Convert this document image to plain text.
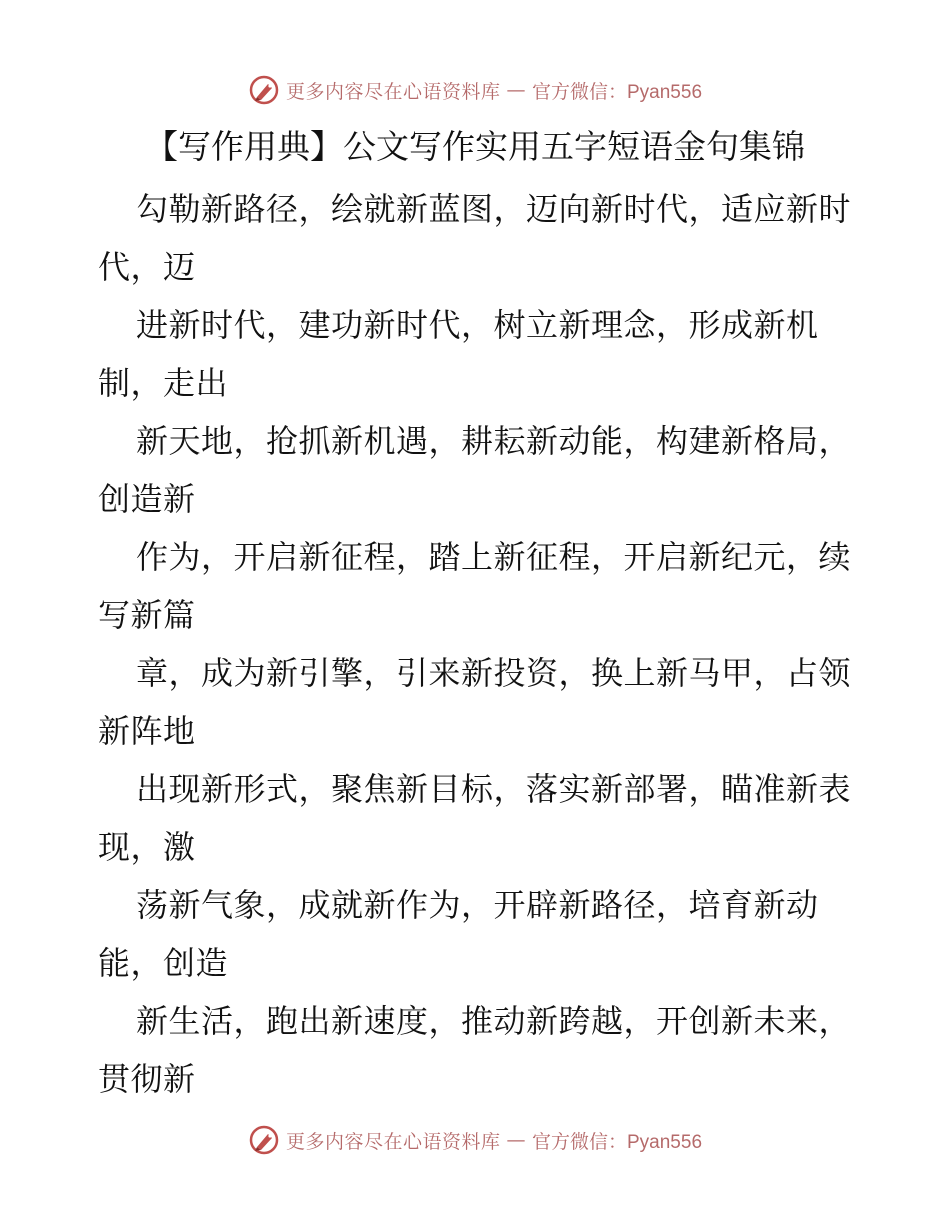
更多内容尽在心语资料库 — 官方微信：Pyan556
【写作用典】公文写作实用五字短语金句集锦

勾勒新路径，绘就新蓝图，迈向新时代，适应新时代，迈

进新时代，建功新时代，树立新理念，形成新机制，走出

新天地，抢抓新机遇，耕耘新动能，构建新格局，创造新

作为，开启新征程，踏上新征程，开启新纪元，续写新篇

章，成为新引擎，引来新投资，换上新马甲，占领新阵地

出现新形式，聚焦新目标，落实新部署，瞄准新表现，激

荡新气象，成就新作为，开辟新路径，培育新动能，创造

新生活，跑出新速度，推动新跨越，开创新未来，贯彻新

更多内容尽在心语资料库 — 官方微信：Pyan556
